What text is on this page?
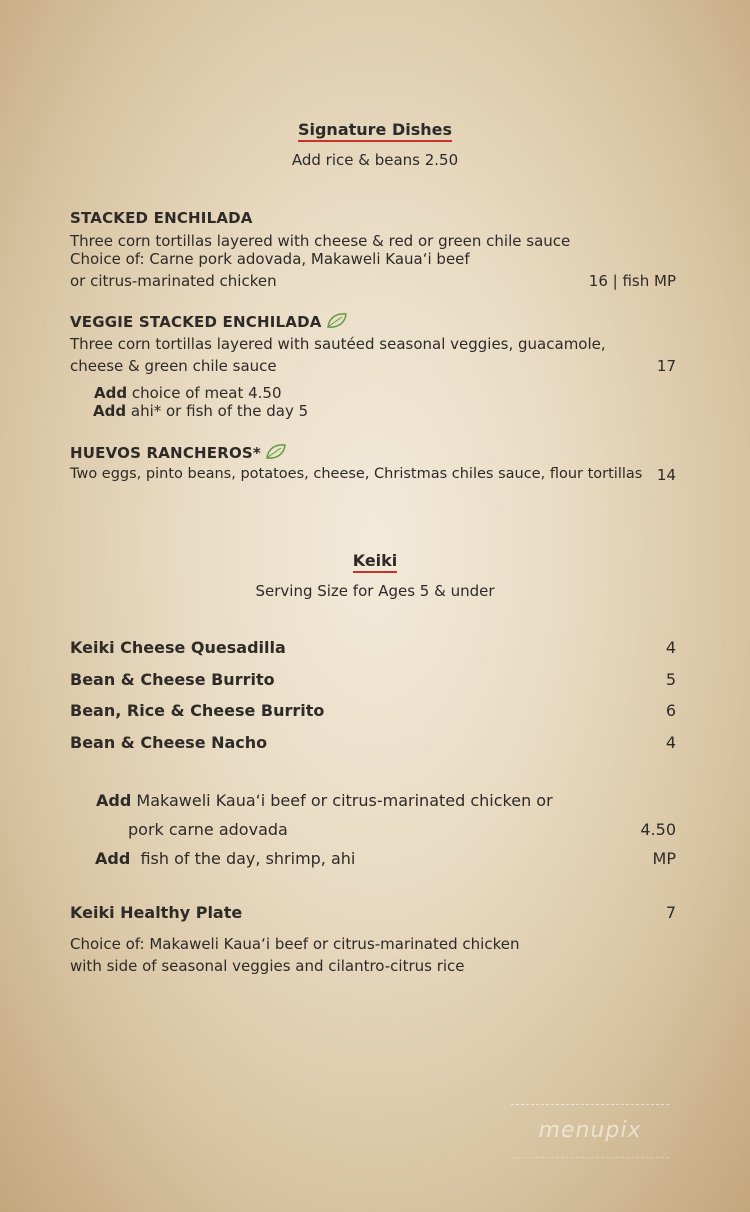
Signature Dishes
Add rice & beans 2.50
STACKED ENCHILADA
Three corn tortillas layered with cheese & red or green chile sauce
Choice of: Carne pork adovada, Makaweli Kaua‘i beef
or citrus-marinated chicken	16 | fish MP
VEGGIE STACKED ENCHILADA
Three corn tortillas layered with sautéed seasonal veggies, guacamole,
cheese & green chile sauce	17
Add choice of meat 4.50
Add ahi* or fish of the day 5
HUEVOS RANCHEROS*
Two eggs, pinto beans, potatoes, cheese, Christmas chiles sauce, flour tortillas 14
Keiki
Serving Size for Ages 5 & under
Keiki Cheese Quesadilla	4
Bean & Cheese Burrito	5
Bean, Rice & Cheese Burrito	6
Bean & Cheese Nacho	4
Add Makaweli Kaua‘i beef or citrus-marinated chicken or
pork carne adovada	4.50
Add fish of the day, shrimp, ahi	MP
Keiki Healthy Plate	7
Choice of: Makaweli Kaua‘i beef or citrus-marinated chicken
with side of seasonal veggies and cilantro-citrus rice
menupix
